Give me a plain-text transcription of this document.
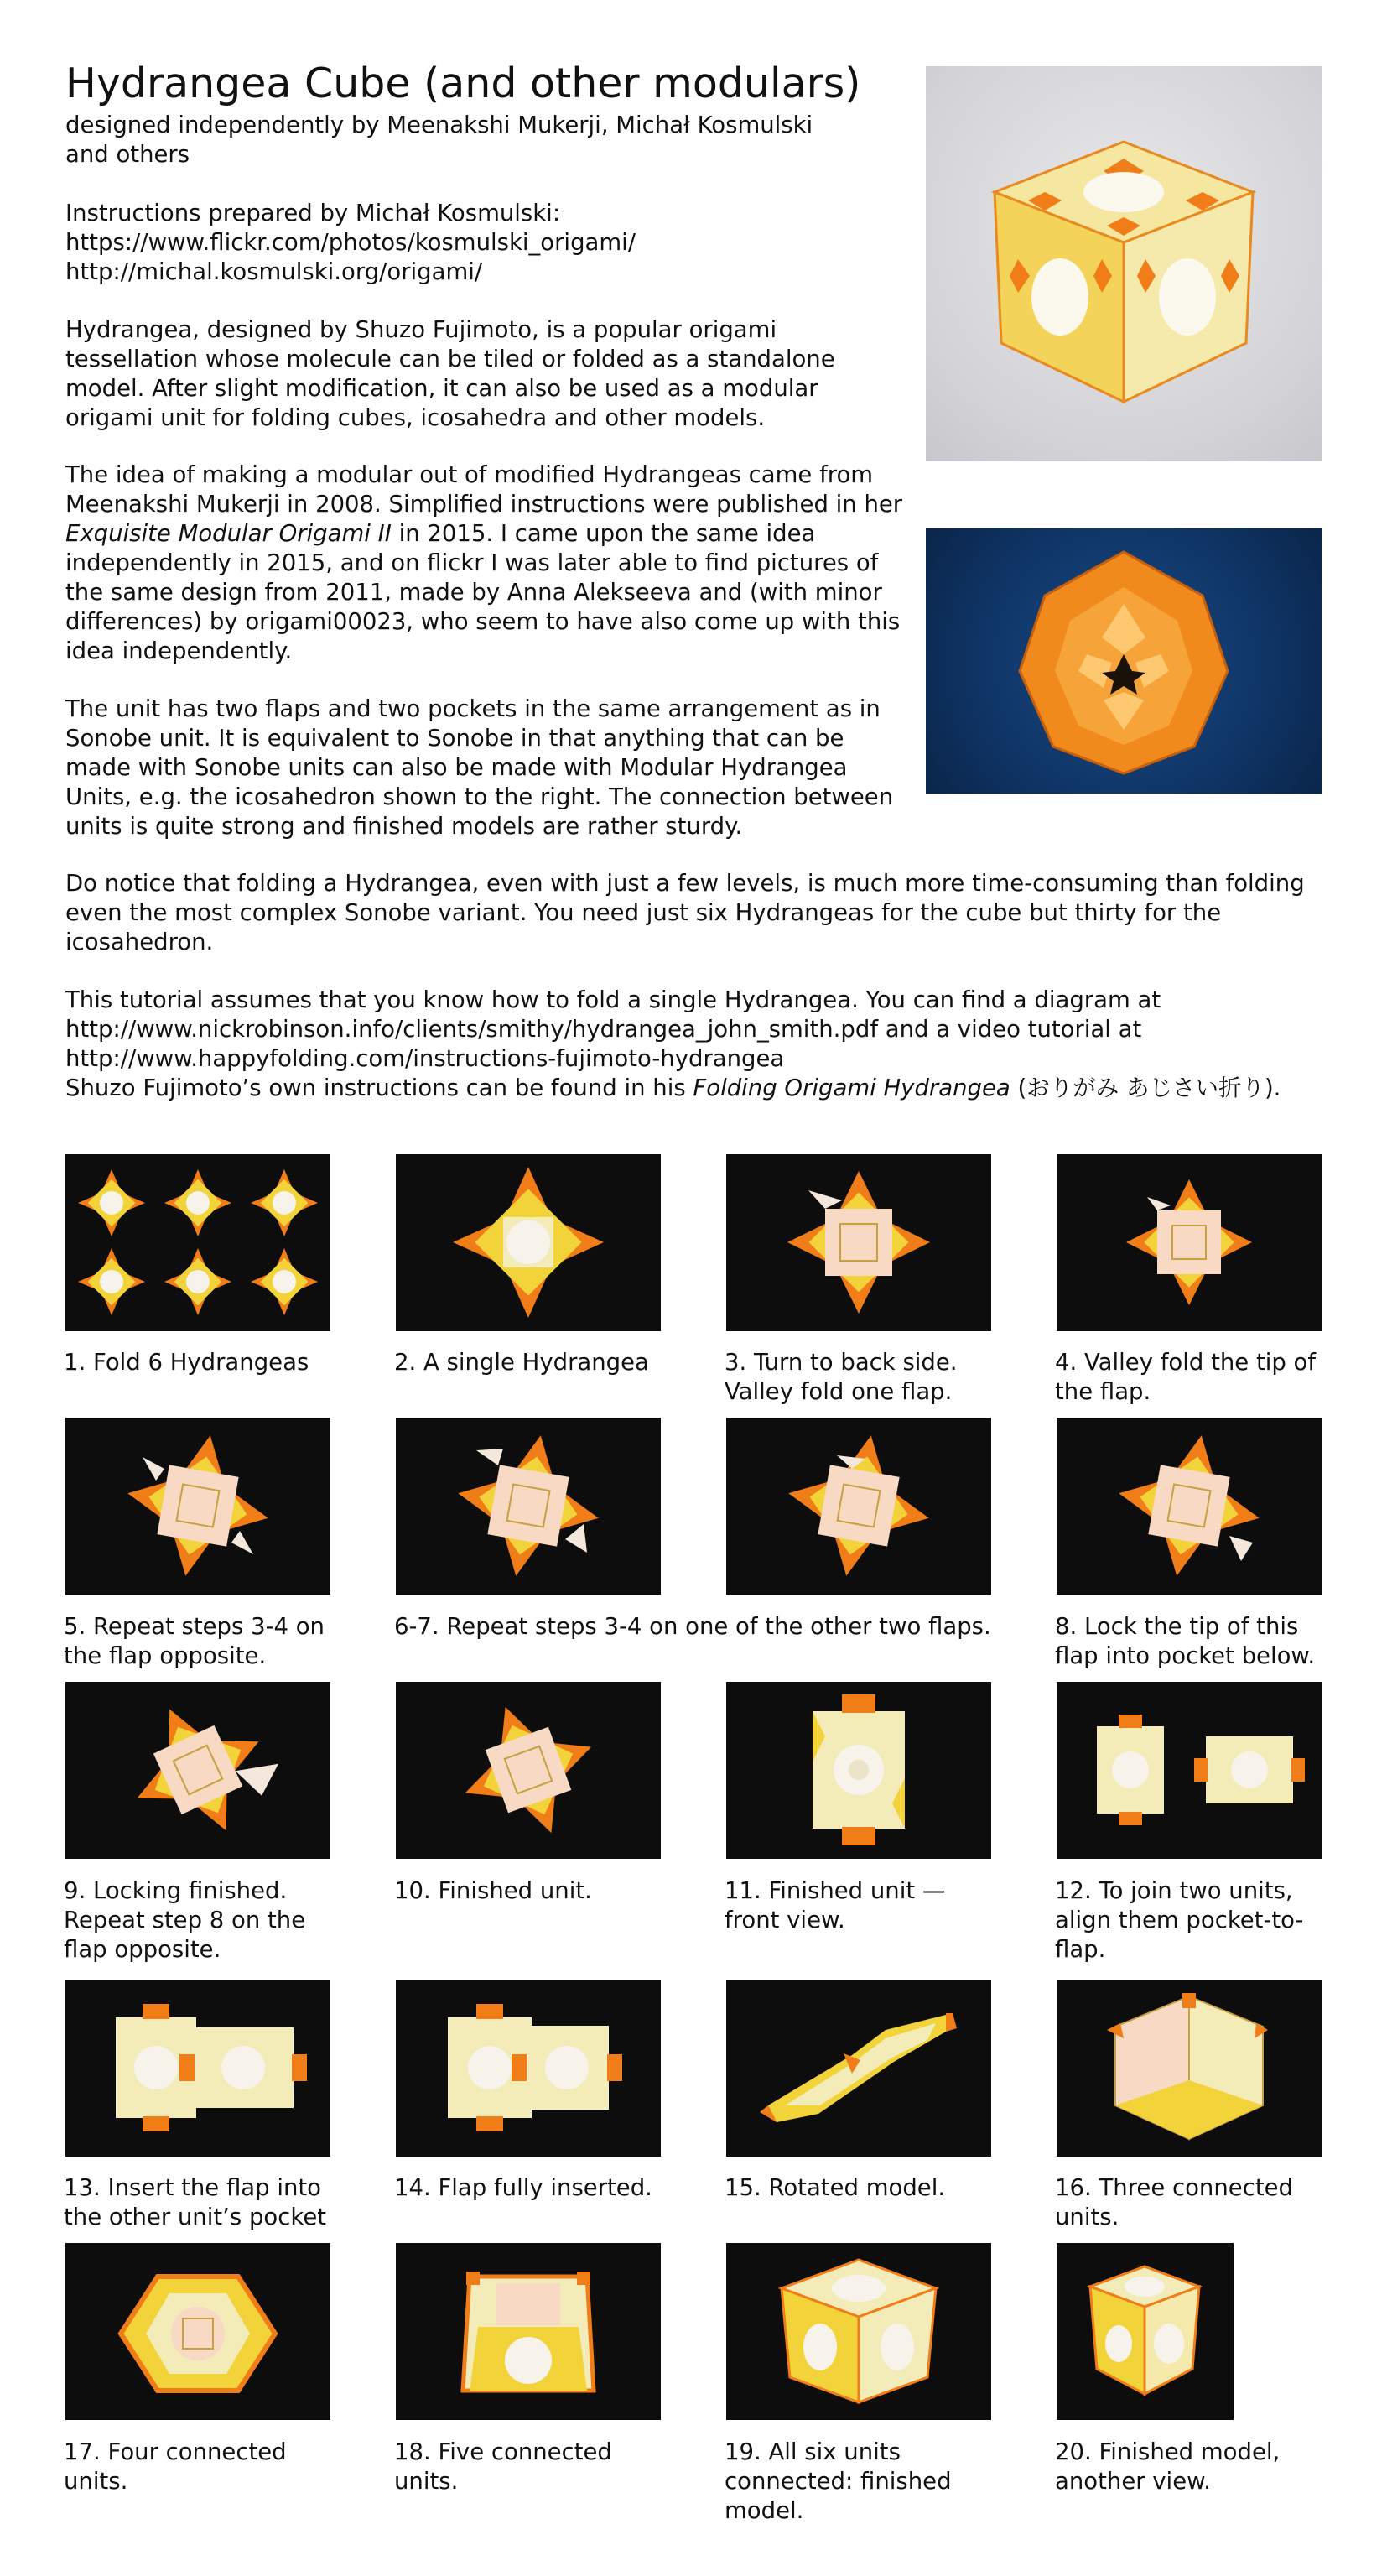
Hydrangea Cube (and other modulars)

designed independently by Meenakshi Mukerji, Michał Kosmulski
and others

Instructions prepared by Michał Kosmulski:
https://www.flickr.com/photos/kosmulski_origami/
http://michal.kosmulski.org/origami/

Hydrangea, designed by Shuzo Fujimoto, is a popular origami tessellation whose molecule can be tiled or folded as a standalone model. After slight modification, it can also be used as a modular origami unit for folding cubes, icosahedra and other models.

The idea of making a modular out of modified Hydrangeas came from Meenakshi Mukerji in 2008. Simplified instructions were published in her Exquisite Modular Origami II in 2015. I came upon the same idea independently in 2015, and on flickr I was later able to find pictures of the same design from 2011, made by Anna Alekseeva and (with minor differences) by origami00023, who seem to have also come up with this idea independently.

The unit has two flaps and two pockets in the same arrangement as in Sonobe unit. It is equivalent to Sonobe in that anything that can be made with Sonobe units can also be made with Modular Hydrangea Units, e.g. the icosahedron shown to the right. The connection between units is quite strong and finished models are rather sturdy.

Do notice that folding a Hydrangea, even with just a few levels, is much more time-consuming than folding even the most complex Sonobe variant. You need just six Hydrangeas for the cube but thirty for the icosahedron.

This tutorial assumes that you know how to fold a single Hydrangea. You can find a diagram at
http://www.nickrobinson.info/clients/smithy/hydrangea_john_smith.pdf and a video tutorial at
http://www.happyfolding.com/instructions-fujimoto-hydrangea
Shuzo Fujimoto’s own instructions can be found in his Folding Origami Hydrangea (おりがみ あじさい折り).

1. Fold 6 Hydrangeas	2. A single Hydrangea	3. Turn to back side. Valley fold one flap.

4. Valley fold the tip of the flap.

5. Repeat steps 3-4 on the flap opposite.

6-7. Repeat steps 3-4 on one of the other two flaps.	8. Lock the tip of this flap into pocket below.

9. Locking finished. Repeat step 8 on the flap opposite.

10. Finished unit.	11. Finished unit — front view.

12. To join two units, align them pocket-to-flap.

13. Insert the flap into the other unit’s pocket

14. Flap fully inserted.	15. Rotated model.	16. Three connected units.

17. Four connected units.

18. Five connected units.

19. All six units connected: finished model.

20. Finished model, another view.
